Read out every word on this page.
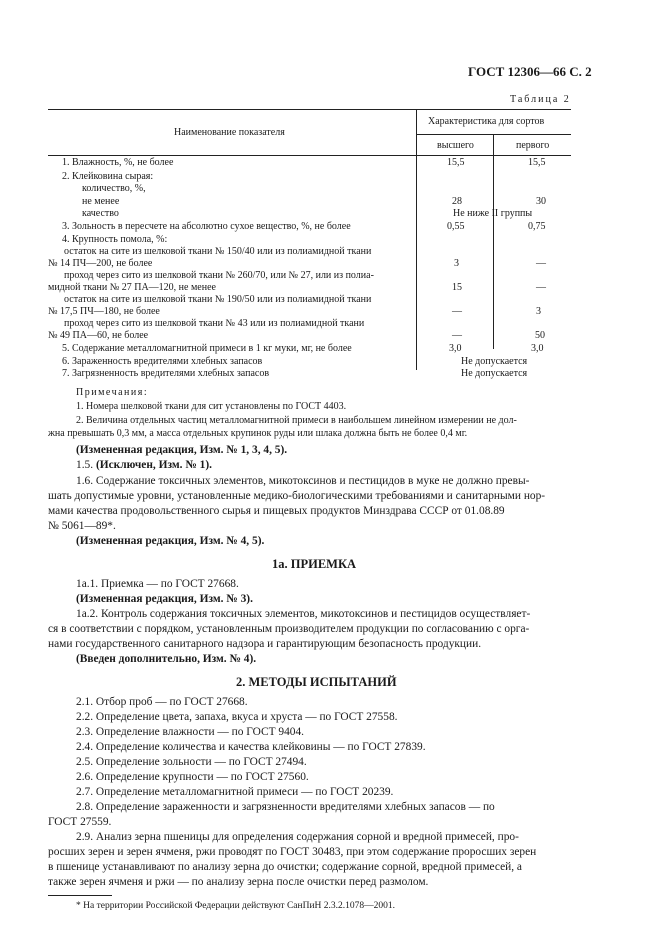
ГОСТ 12306—66 С. 2
Таблица 2
Наименование показателя
Характеристика для сортов
высшего	первого
1. Влажность, %, не более	15,5	15,5
2. Клейковина сырая:
количество, %,
не менее	28	30
качество	Не ниже II группы
3. Зольность в пересчете на абсолютно сухое вещество, %, не более	0,55	0,75
4. Крупность помола, %:
остаток на сите из шелковой ткани № 150/40 или из полиамидной ткани
№ 14 ПЧ—200, не более	3	—
проход через сито из шелковой ткани № 260/70, или № 27, или из полиа-
мидной ткани № 27 ПА—120, не менее	15	—
остаток на сите из шелковой ткани № 190/50 или из полиамидной ткани
№ 17,5 ПЧ—180, не более	—	3
проход через сито из шелковой ткани № 43 или из полиамидной ткани
№ 49 ПА—60, не более	—	50
5. Содержание металломагнитной примеси в 1 кг муки, мг, не более	3,0	3,0
6. Зараженность вредителями хлебных запасов	Не допускается
7. Загрязненность вредителями хлебных запасов	Не допускается
Примечания:
1. Номера шелковой ткани для сит установлены по ГОСТ 4403.
2. Величина отдельных частиц металломагнитной примеси в наибольшем линейном измерении не дол-
жна превышать 0,3 мм, а масса отдельных крупинок руды или шлака должна быть не более 0,4 мг.
(Измененная редакция, Изм. № 1, 3, 4, 5).
1.5. (Исключен, Изм. № 1).
1.6. Содержание токсичных элементов, микотоксинов и пестицидов в муке не должно превы-
шать допустимые уровни, установленные медико-биологическими требованиями и санитарными нор-
мами качества продовольственного сырья и пищевых продуктов Минздрава СССР от 01.08.89
№ 5061—89*.
(Измененная редакция, Изм. № 4, 5).
1а. ПРИЕМКА
1а.1. Приемка — по ГОСТ 27668.
(Измененная редакция, Изм. № 3).
1а.2. Контроль содержания токсичных элементов, микотоксинов и пестицидов осуществляет-
ся в соответствии с порядком, установленным производителем продукции по согласованию с орга-
нами государственного санитарного надзора и гарантирующим безопасность продукции.
(Введен дополнительно, Изм. № 4).
2. МЕТОДЫ ИСПЫТАНИЙ
2.1. Отбор проб — по ГОСТ 27668.
2.2. Определение цвета, запаха, вкуса и хруста — по ГОСТ 27558.
2.3. Определение влажности — по ГОСТ 9404.
2.4. Определение количества и качества клейковины — по ГОСТ 27839.
2.5. Определение зольности — по ГОСТ 27494.
2.6. Определение крупности — по ГОСТ 27560.
2.7. Определение металломагнитной примеси — по ГОСТ 20239.
2.8. Определение зараженности и загрязненности вредителями хлебных запасов — по
ГОСТ 27559.
2.9. Анализ зерна пшеницы для определения содержания сорной и вредной примесей, про-
росших зерен и зерен ячменя, ржи проводят по ГОСТ 30483, при этом содержание проросших зерен
в пшенице устанавливают по анализу зерна до очистки; содержание сорной, вредной примесей, а
также зерен ячменя и ржи — по анализу зерна после очистки перед размолом.
* На территории Российской Федерации действуют СанПиН 2.3.2.1078—2001.
